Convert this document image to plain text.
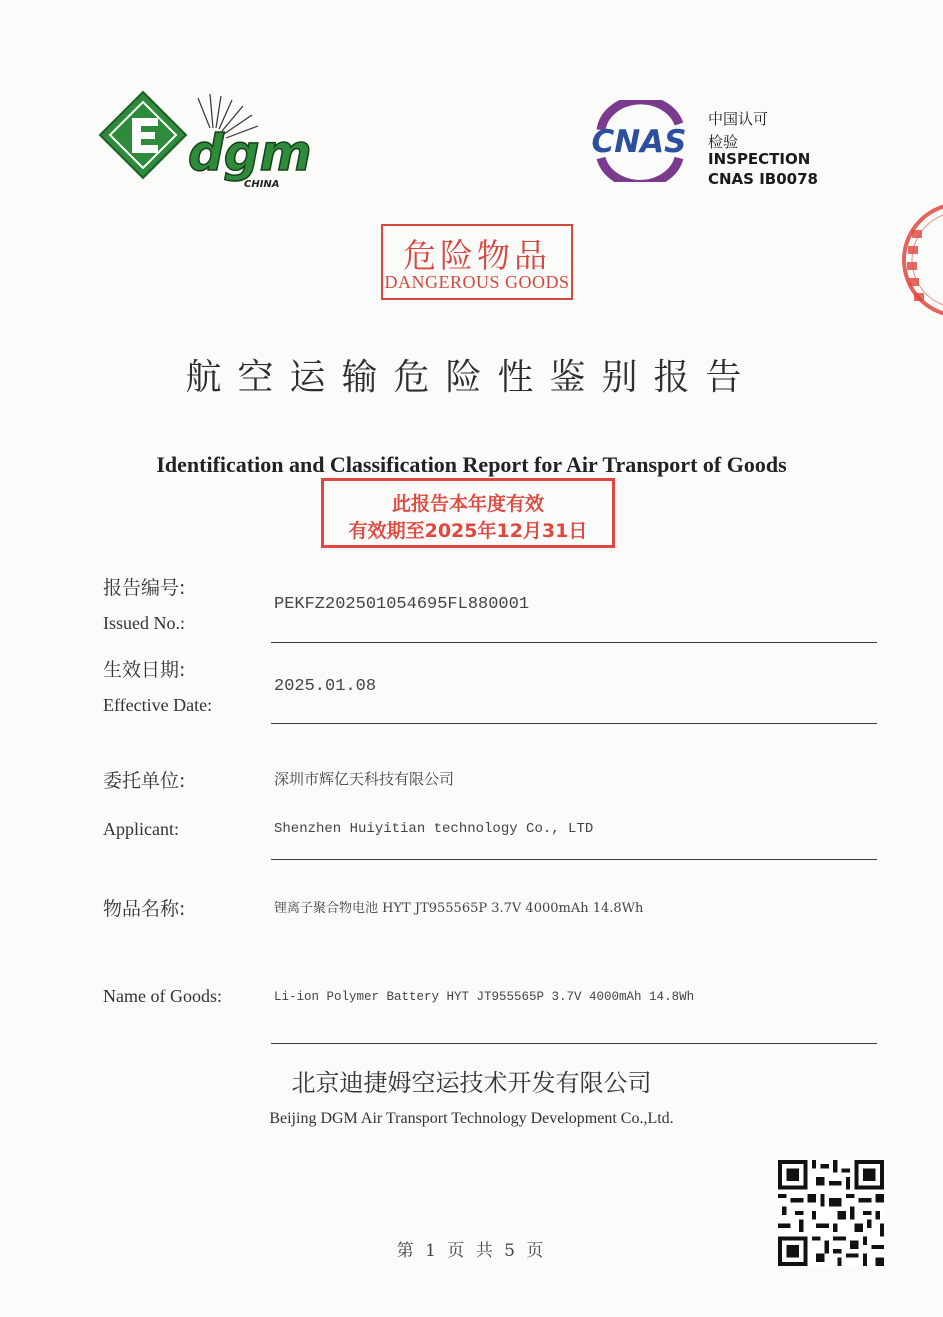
dgm
CHINA
CNAS
中国认可
检验
INSPECTION
CNAS IB0078
危险物品
DANGEROUS GOODS
航空运输危险性鉴别报告
Identification and Classification Report for Air Transport of Goods
此报告本年度有效
有效期至2025年12月31日
报告编号:
Issued No.:
PEKFZ202501054695FL880001
生效日期:
Effective Date:
2025.01.08
委托单位:	深圳市辉亿天科技有限公司
Applicant:	Shenzhen Huiyitian technology Co., LTD
物品名称:	锂离子聚合物电池 HYT JT955565P 3.7V 4000mAh 14.8Wh
Name of Goods:	Li-ion Polymer Battery HYT JT955565P 3.7V 4000mAh 14.8Wh
北京迪捷姆空运技术开发有限公司
Beijing DGM Air Transport Technology Development Co.,Ltd.
第 1 页 共 5 页
